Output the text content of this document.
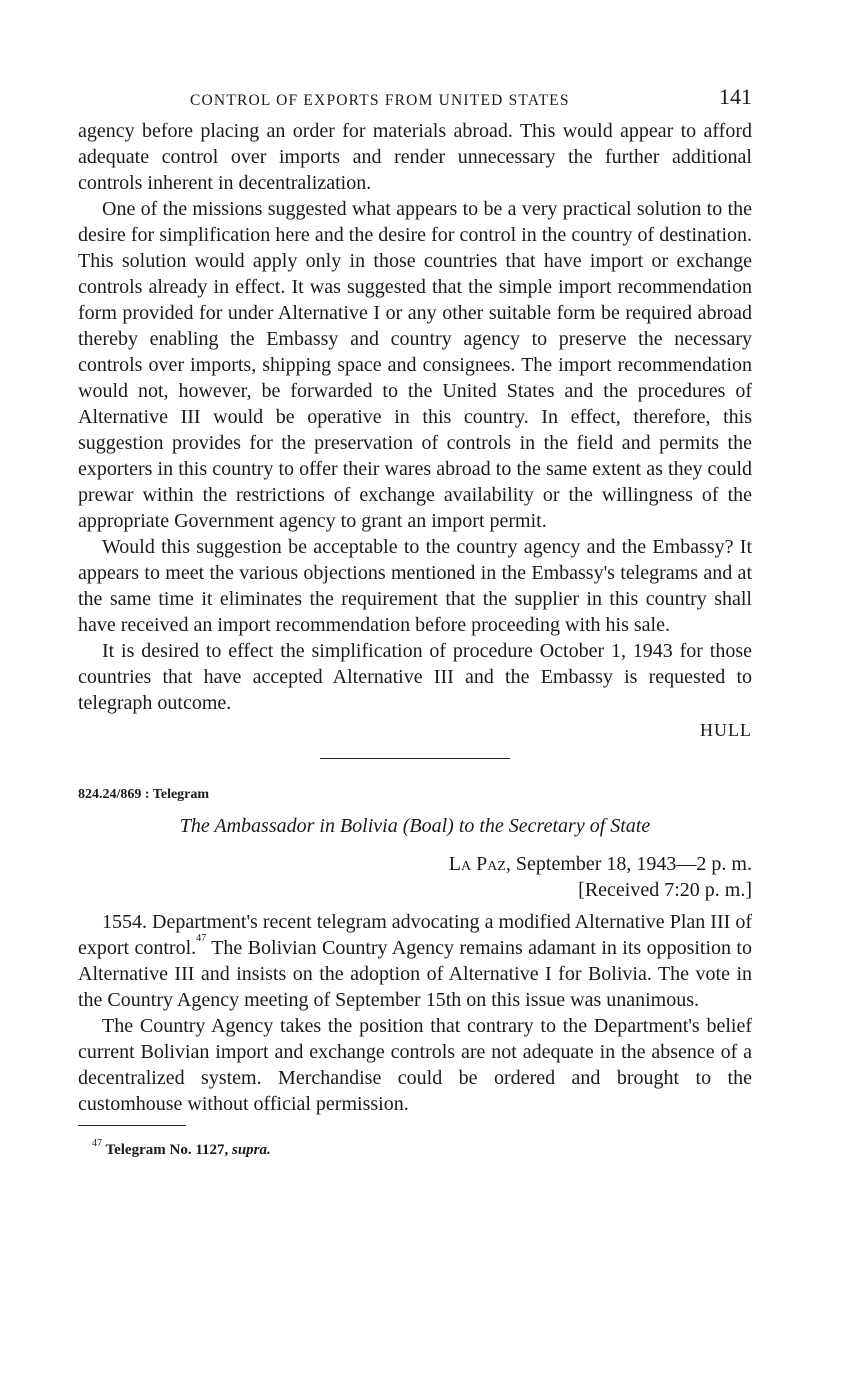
CONTROL OF EXPORTS FROM UNITED STATES	141

agency before placing an order for materials abroad. This would appear to afford adequate control over imports and render unnecessary the further additional controls inherent in decentralization.

One of the missions suggested what appears to be a very practical solution to the desire for simplification here and the desire for control in the country of destination. This solution would apply only in those countries that have import or exchange controls already in effect. It was suggested that the simple import recommendation form provided for under Alternative I or any other suitable form be required abroad thereby enabling the Embassy and country agency to preserve the necessary controls over imports, shipping space and consignees. The import recommendation would not, however, be forwarded to the United States and the procedures of Alternative III would be operative in this country. In effect, therefore, this suggestion provides for the preservation of controls in the field and permits the exporters in this country to offer their wares abroad to the same extent as they could prewar within the restrictions of exchange availability or the willingness of the appropriate Government agency to grant an import permit.

Would this suggestion be acceptable to the country agency and the Embassy? It appears to meet the various objections mentioned in the Embassy's telegrams and at the same time it eliminates the requirement that the supplier in this country shall have received an import recommendation before proceeding with his sale.

It is desired to effect the simplification of procedure October 1, 1943 for those countries that have accepted Alternative III and the Embassy is requested to telegraph outcome.

HULL
824.24/869 : Telegram
The Ambassador in Bolivia (Boal) to the Secretary of State
La Paz, September 18, 1943—2 p. m.
[Received 7:20 p. m.]

1554. Department's recent telegram advocating a modified Alternative Plan III of export control.$^{47}$ The Bolivian Country Agency remains adamant in its opposition to Alternative III and insists on the adoption of Alternative I for Bolivia. The vote in the Country Agency meeting of September 15th on this issue was unanimous.

The Country Agency takes the position that contrary to the Department's belief current Bolivian import and exchange controls are not adequate in the absence of a decentralized system. Merchandise could be ordered and brought to the customhouse without official permission.

$^{47}$ Telegram No. 1127, supra.
